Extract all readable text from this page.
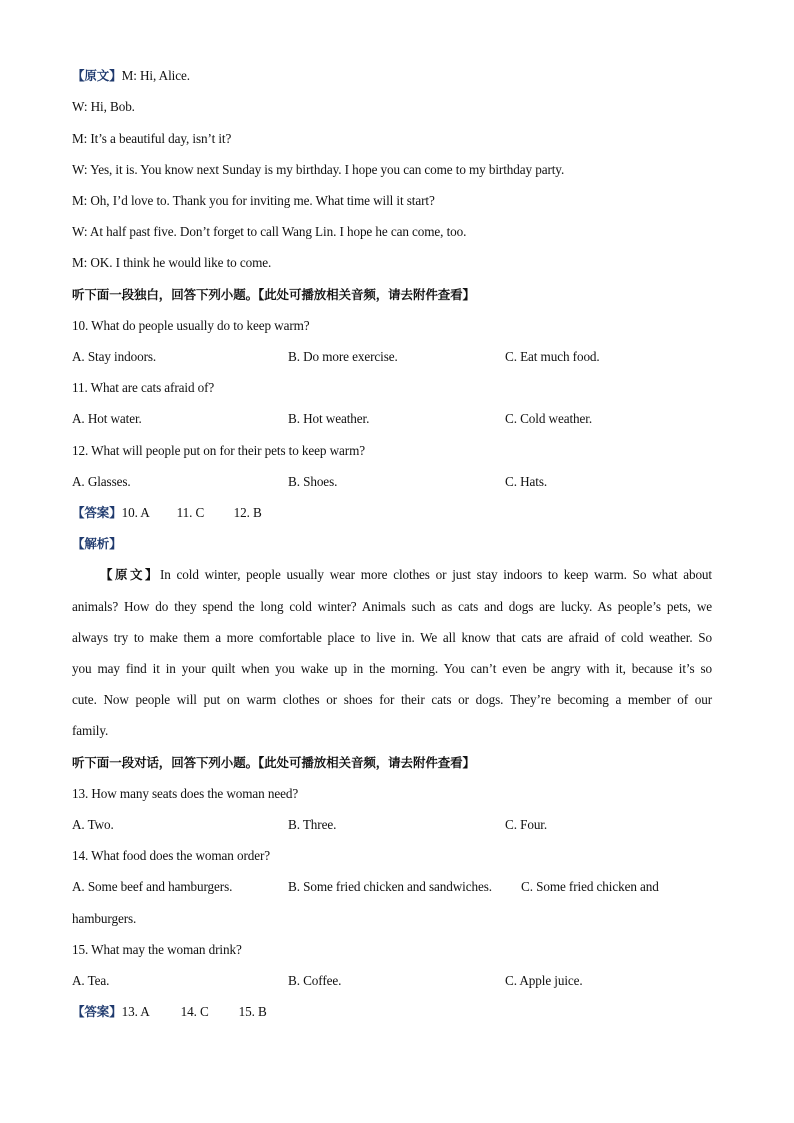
【原文】M: Hi, Alice.
W: Hi, Bob.
M: It’s a beautiful day, isn’t it?
W: Yes, it is. You know next Sunday is my birthday. I hope you can come to my birthday party.
M: Oh, I’d love to. Thank you for inviting me. What time will it start?
W: At half past five. Don’t forget to call Wang Lin. I hope he can come, too.
M: OK. I think he would like to come.
听下面一段独白，回答下列小题。【此处可播放相关音频，请去附件查看】
10. What do people usually do to keep warm?
A. Stay indoors.	B. Do more exercise.	C. Eat much food.
11. What are cats afraid of?
A. Hot water.	B. Hot weather.	C. Cold weather.
12. What will people put on for their pets to keep warm?
A. Glasses.	B. Shoes.	C. Hats.
【答案】10. A 11. C 12. B
【解析】
【原文】In cold winter, people usually wear more clothes or just stay indoors to keep warm. So what about
animals? How do they spend the long cold winter? Animals such as cats and dogs are lucky. As people’s pets, we
always try to make them a more comfortable place to live in. We all know that cats are afraid of cold weather. So
you may find it in your quilt when you wake up in the morning. You can’t even be angry with it, because it’s so
cute. Now people will put on warm clothes or shoes for their cats or dogs. They’re becoming a member of our
family.
听下面一段对话，回答下列小题。【此处可播放相关音频，请去附件查看】
13. How many seats does the woman need?
A. Two.	B. Three.	C. Four.
14. What food does the woman order?
A. Some beef and hamburgers.	B. Some fried chicken and sandwiches. C. Some fried chicken and
hamburgers.
15. What may the woman drink?
A. Tea.	B. Coffee.	C. Apple juice.
【答案】13. A 14. C 15. B
